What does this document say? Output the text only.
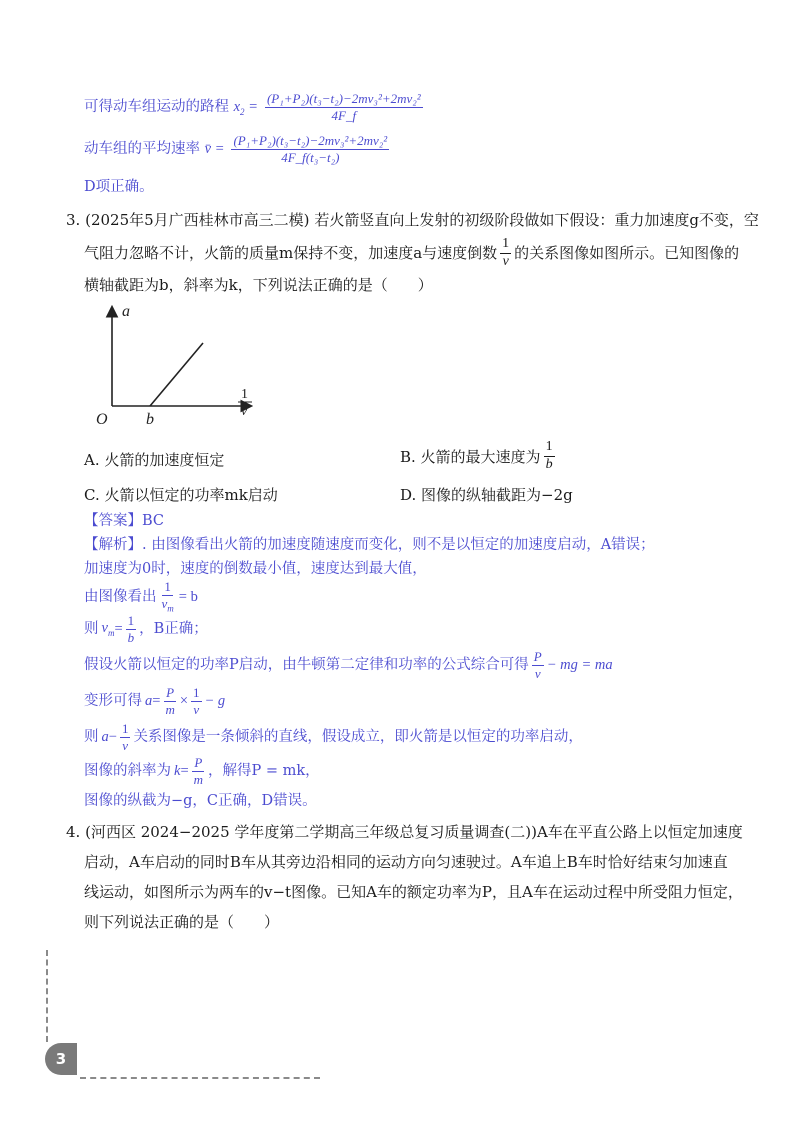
可得动车组运动的路程 $x_2 = \frac{\text{(P₁+P₂)(t₃−t₂)−2mv₃²+2mv₂²}}{4F\_f}$
动车组的平均速率 v̄ = $\frac{\text{(P₁+P₂)(t₃−t₂)−2mv₃²+2mv₂²}}{\text{4F\_f(t₃−t₂)}}$
D项正确。
3. (2025年5月广西桂林市高三二模) 若火箭竖直向上发射的初级阶段做如下假设：重力加速度g不变，空
气阻力忽略不计，火箭的质量m保持不变，加速度a与速度倒数 $\frac{1}{v}$ 的关系图像如图所示。已知图像的
横轴截距为b，斜率为k，下列说法正确的是（　　）
a
1
v
O b
A. 火箭的加速度恒定	B. 火箭的最大速度为 $\frac{1}{b}$
C. 火箭以恒定的功率mk启动	D. 图像的纵轴截距为−2g
【答案】BC
【解析】. 由图像看出火箭的加速度随速度而变化，则不是以恒定的加速度启动，A错误；
加速度为0时，速度的倒数最小值，速度达到最大值，
由图像看出 $\frac{1}{v_m} = b$
则 $v_m = \frac{1}{b}$ ，B正确；
假设火箭以恒定的功率P启动，由牛顿第二定律和功率的公式综合可得 $\frac{P}{v}$ − mg = ma
变形可得 $a = \frac{P}{m} \times \frac{1}{v} - g$
则 $a - \frac{1}{v}$ 关系图像是一条倾斜的直线，假设成立，即火箭是以恒定的功率启动，
图像的斜率为 $k = \frac{P}{m}$ ，解得P = mk，
图像的纵截为−g，C正确，D错误。
4. (河西区 2024−2025 学年度第二学期高三年级总复习质量调查(二))A车在平直公路上以恒定加速度
启动，A车启动的同时B车从其旁边沿相同的运动方向匀速驶过。A车追上B车时恰好结束匀加速直
线运动，如图所示为两车的v−t图像。已知A车的额定功率为P，且A车在运动过程中所受阻力恒定，
则下列说法正确的是（　　）
3
